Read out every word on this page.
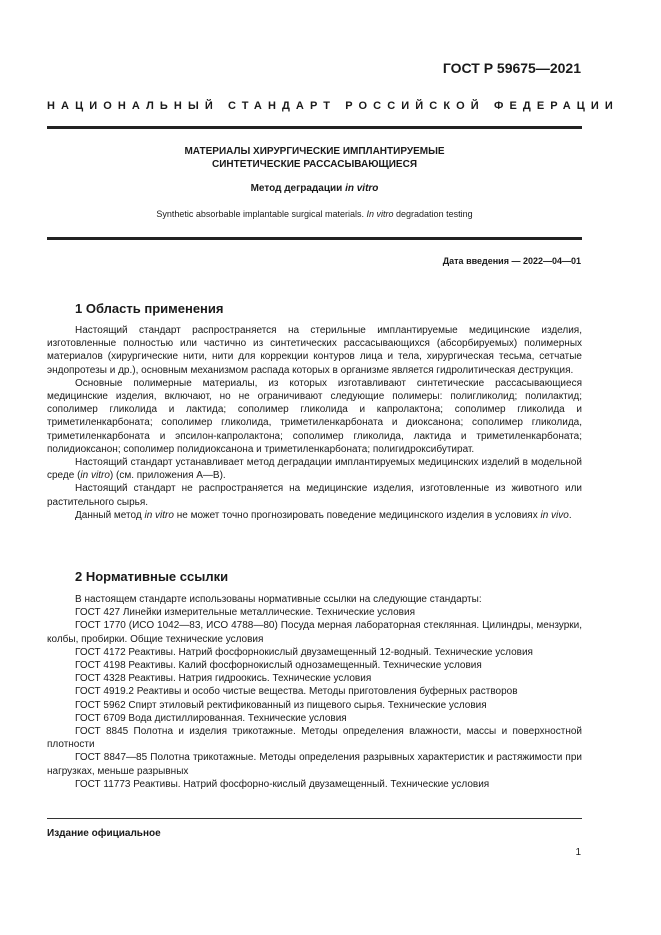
ГОСТ Р 59675—2021
НАЦИОНАЛЬНЫЙ СТАНДАРТ РОССИЙСКОЙ ФЕДЕРАЦИИ
МАТЕРИАЛЫ ХИРУРГИЧЕСКИЕ ИМПЛАНТИРУЕМЫЕ
СИНТЕТИЧЕСКИЕ РАССАСЫВАЮЩИЕСЯ
Метод деградации in vitro
Synthetic absorbable implantable surgical materials. In vitro degradation testing
Дата введения — 2022—04—01
1 Область применения

Настоящий стандарт распространяется на стерильные имплантируемые медицинские изделия, изготовленные полностью или частично из синтетических рассасывающихся (абсорбируемых) полимерных материалов (хирургические нити, нити для коррекции контуров лица и тела, хирургическая тесьма, сетчатые эндопротезы и др.), основным механизмом распада которых в организме является гидролитическая деструкция.

Основные полимерные материалы, из которых изготавливают синтетические рассасывающиеся медицинские изделия, включают, но не ограничивают следующие полимеры: полигликолид; полилактид; сополимер гликолида и лактида; сополимер гликолида и капролактона; сополимер гликолида и триметиленкарбоната; сополимер гликолида, триметиленкарбоната и диоксанона; сополимер гликолида, триметиленкарбоната и эпсилон-капролактона; сополимер гликолида, лактида и триметиленкарбоната; полидиоксанон; сополимер полидиоксанона и триметиленкарбоната; полигидроксибутират.

Настоящий стандарт устанавливает метод деградации имплантируемых медицинских изделий в модельной среде (in vitro) (см. приложения А—В).

Настоящий стандарт не распространяется на медицинские изделия, изготовленные из животного или растительного сырья.

Данный метод in vitro не может точно прогнозировать поведение медицинского изделия в условиях in vivo.

2 Нормативные ссылки

В настоящем стандарте использованы нормативные ссылки на следующие стандарты:

ГОСТ 427 Линейки измерительные металлические. Технические условия

ГОСТ 1770 (ИСО 1042—83, ИСО 4788—80) Посуда мерная лабораторная стеклянная. Цилиндры, мензурки, колбы, пробирки. Общие технические условия

ГОСТ 4172 Реактивы. Натрий фосфорнокислый двузамещенный 12-водный. Технические условия

ГОСТ 4198 Реактивы. Калий фосфорнокислый однозамещенный. Технические условия

ГОСТ 4328 Реактивы. Натрия гидроокись. Технические условия

ГОСТ 4919.2 Реактивы и особо чистые вещества. Методы приготовления буферных растворов

ГОСТ 5962 Спирт этиловый ректификованный из пищевого сырья. Технические условия

ГОСТ 6709 Вода дистиллированная. Технические условия

ГОСТ 8845 Полотна и изделия трикотажные. Методы определения влажности, массы и поверхностной плотности

ГОСТ 8847—85 Полотна трикотажные. Методы определения разрывных характеристик и растяжимости при нагрузках, меньше разрывных

ГОСТ 11773 Реактивы. Натрий фосфорно-кислый двузамещенный. Технические условия

Издание официальное
1
